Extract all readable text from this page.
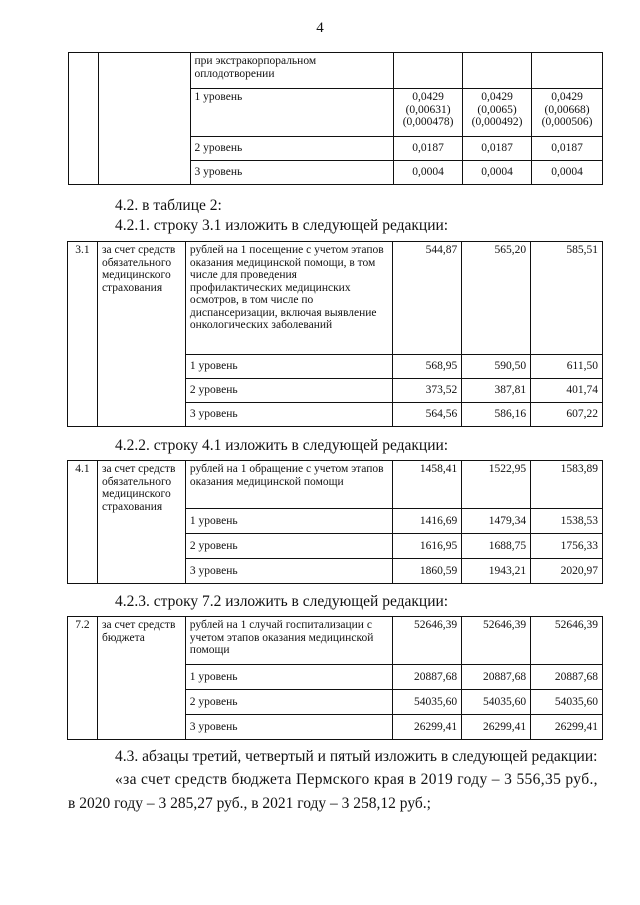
4
		при экстракорпоральном оплодотворении			
		1 уровень	0,0429
(0,00631)
(0,000478)	0,0429
(0,0065)
(0,000492)	0,0429
(0,00668)
(0,000506)
		2 уровень	0,0187	0,0187	0,0187
		3 уровень	0,0004	0,0004	0,0004
4.2. в таблице 2:
4.2.1. строку 3.1 изложить в следующей редакции:
3.1	за счет средств обязательного медицинского страхования	рублей на 1 посещение с учетом этапов оказания медицинской помощи, в том числе для проведения профилактических медицинских осмотров, в том числе по диспансеризации, включая выявление онкологических заболеваний	544,87	565,20	585,51
		1 уровень	568,95	590,50	611,50
		2 уровень	373,52	387,81	401,74
		3 уровень	564,56	586,16	607,22
4.2.2. строку 4.1 изложить в следующей редакции:
4.1	за счет средств обязательного медицинского страхования	рублей на 1 обращение с учетом этапов оказания медицинской помощи	1458,41	1522,95	1583,89
		1 уровень	1416,69	1479,34	1538,53
		2 уровень	1616,95	1688,75	1756,33
		3 уровень	1860,59	1943,21	2020,97
4.2.3. строку 7.2 изложить в следующей редакции:
7.2	за счет средств бюджета	рублей на 1 случай госпитализации с учетом этапов оказания медицинской помощи	52646,39	52646,39	52646,39
		1 уровень	20887,68	20887,68	20887,68
		2 уровень	54035,60	54035,60	54035,60
		3 уровень	26299,41	26299,41	26299,41
4.3. абзацы третий, четвертый и пятый изложить в следующей редакции:
«за счет средств бюджета Пермского края в 2019 году – 3 556,35 руб.,
в 2020 году – 3 285,27 руб., в 2021 году – 3 258,12 руб.;
